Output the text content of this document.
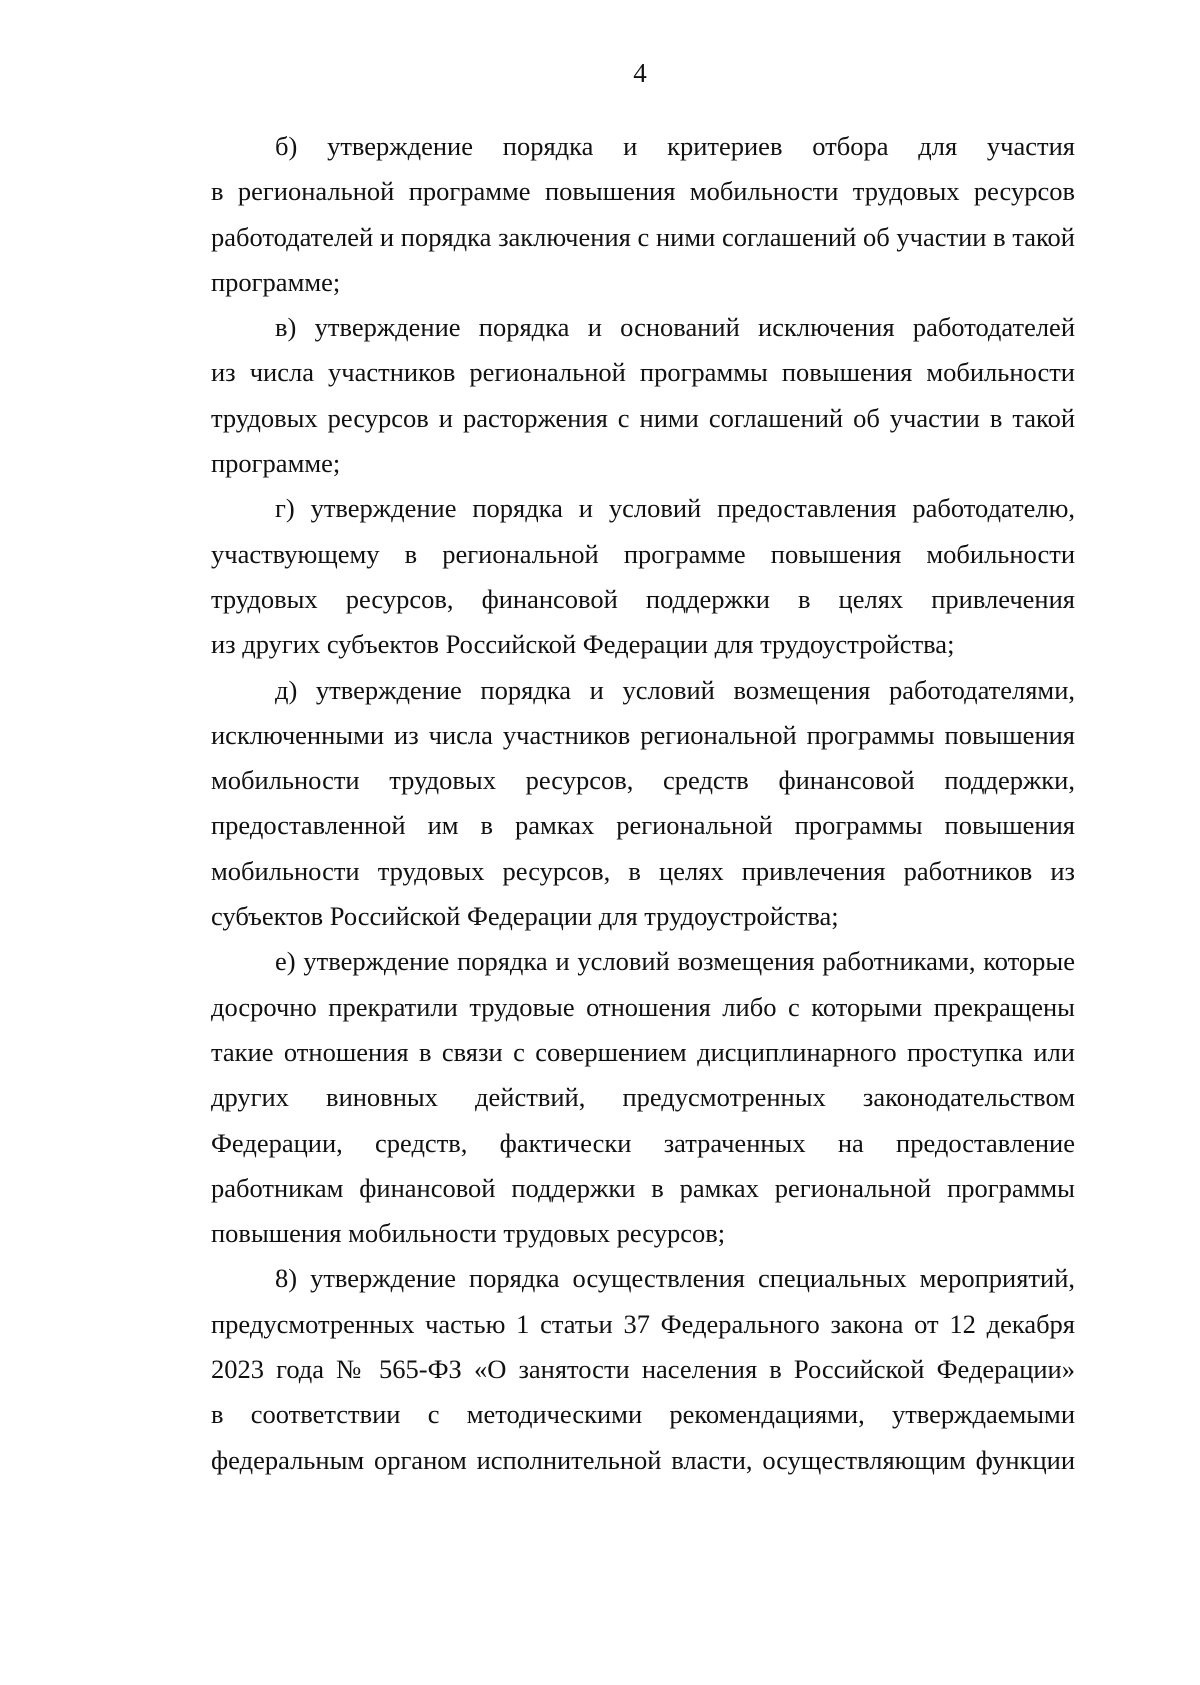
4
б) утверждение порядка и критериев отбора для участия
в региональной программе повышения мобильности трудовых ресурсов
работодателей и порядка заключения с ними соглашений об участии в такой
программе;
в) утверждение порядка и оснований исключения работодателей
из числа участников региональной программы повышения мобильности
трудовых ресурсов и расторжения с ними соглашений об участии в такой
программе;
г) утверждение порядка и условий предоставления работодателю,
участвующему в региональной программе повышения мобильности
трудовых ресурсов, финансовой поддержки в целях привлечения
из других субъектов Российской Федерации для трудоустройства;
д) утверждение порядка и условий возмещения работодателями,
исключенными из числа участников региональной программы повышения
мобильности трудовых ресурсов, средств финансовой поддержки,
предоставленной им в рамках региональной программы повышения
мобильности трудовых ресурсов, в целях привлечения работников из
субъектов Российской Федерации для трудоустройства;
е) утверждение порядка и условий возмещения работниками, которые
досрочно прекратили трудовые отношения либо с которыми прекращены
такие отношения в связи с совершением дисциплинарного проступка или
других виновных действий, предусмотренных законодательством
Федерации, средств, фактически затраченных на предоставление
работникам финансовой поддержки в рамках региональной программы
повышения мобильности трудовых ресурсов;
8) утверждение порядка осуществления специальных мероприятий,
предусмотренных частью 1 статьи 37 Федерального закона от 12 декабря
2023 года № 565-ФЗ «О занятости населения в Российской Федерации»
в соответствии с методическими рекомендациями, утверждаемыми
федеральным органом исполнительной власти, осуществляющим функции
